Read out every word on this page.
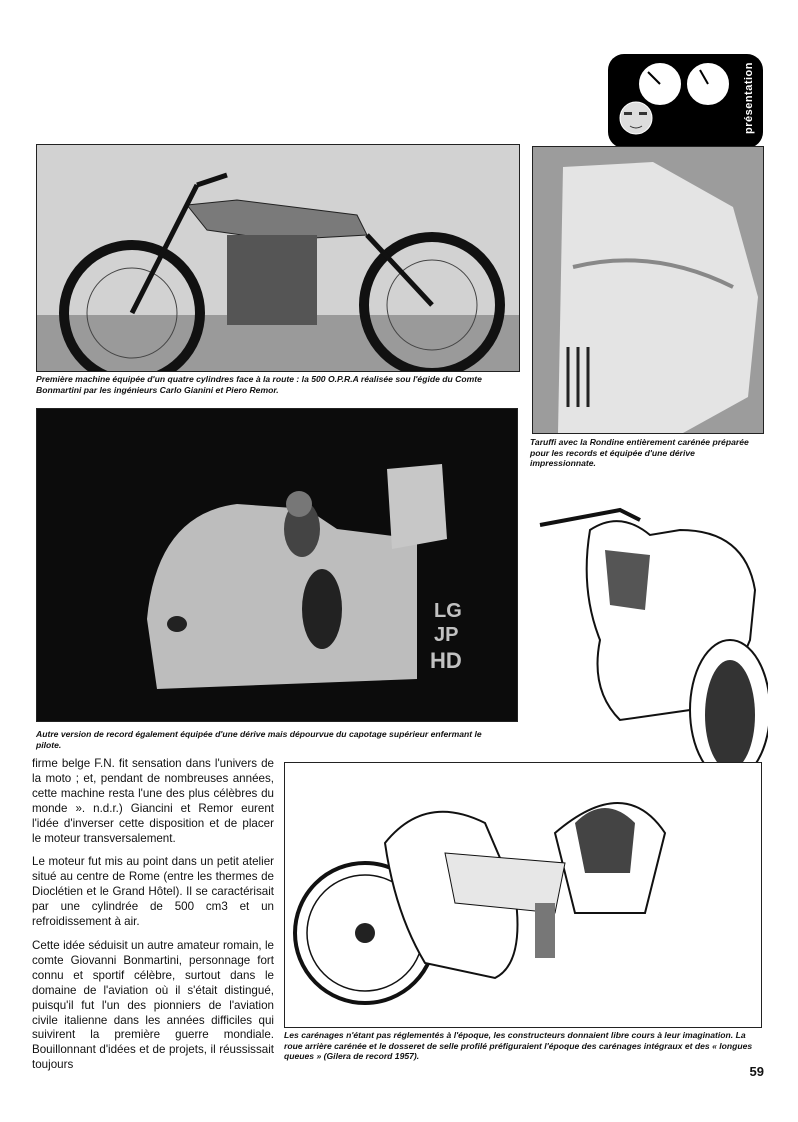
présentation
Première machine équipée d'un quatre cylindres face à la route : la 500 O.P.R.A réalisée sou l'égide du Comte Bonmartini par les ingénieurs Carlo Gianini et Piero Remor.
Taruffi avec la Rondine entièrement carénée préparée pour les records et équipée d'une dérive impressionnate.
LG
JP
HD
Autre version de record également équipée d'une dérive mais dépourvue du capotage supérieur enfermant le pilote.
Les carénages n'étant pas réglementés à l'époque, les constructeurs donnaient libre cours à leur imagination. La roue arrière carénée et le dosseret de selle profilé préfiguraient l'époque des carénages intégraux et des « longues queues » (Gilera de record 1957).

firme belge F.N. fit sensation dans l'univers de la moto ; et, pendant de nombreuses années, cette machine resta l'une des plus célèbres du monde ». n.d.r.) Giancini et Remor eurent l'idée d'inverser cette disposition et de placer le moteur transversalement.

Le moteur fut mis au point dans un petit atelier situé au centre de Rome (entre les thermes de Dioclétien et le Grand Hôtel). Il se caractérisait par une cylindrée de 500 cm3 et un refroidissement à air.

Cette idée séduisit un autre amateur romain, le comte Giovanni Bonmartini, personnage fort connu et sportif célèbre, surtout dans le domaine de l'aviation où il s'était distingué, puisqu'il fut l'un des pionniers de l'aviation civile italienne dans les années difficiles qui suivirent la première guerre mondiale. Bouillonnant d'idées et de projets, il réussissait toujours	59
